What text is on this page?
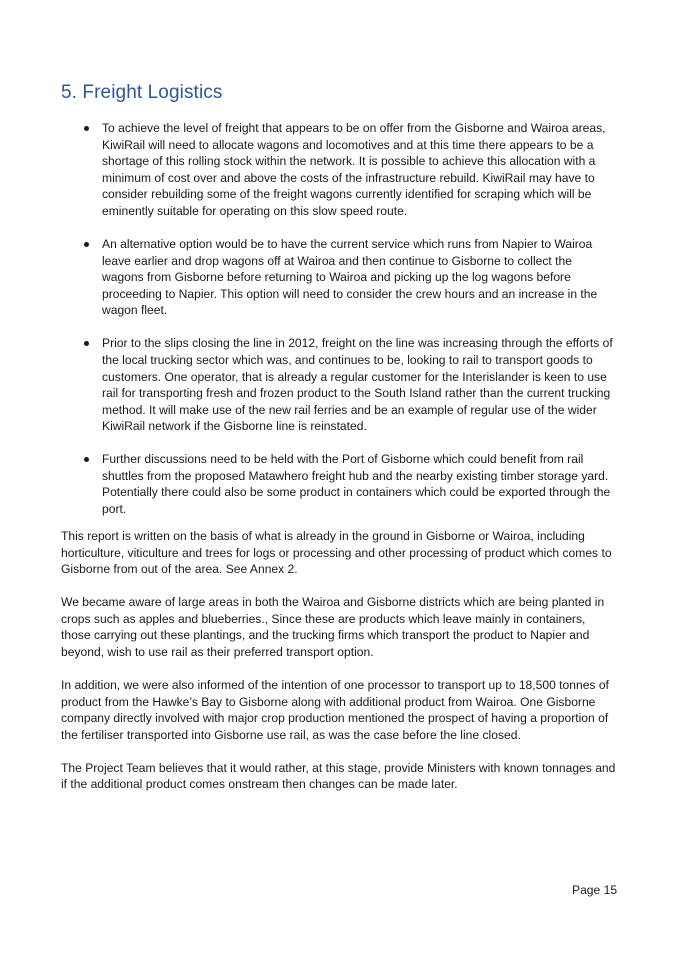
5. Freight Logistics
To achieve the level of freight that appears to be on offer from the Gisborne and Wairoa areas, KiwiRail will need to allocate wagons and locomotives and at this time there appears to be a shortage of this rolling stock within the network. It is possible to achieve this allocation with a minimum of cost over and above the costs of the infrastructure rebuild. KiwiRail may have to consider rebuilding some of the freight wagons currently identified for scraping which will be eminently suitable for operating on this slow speed route.
An alternative option would be to have the current service which runs from Napier to Wairoa leave earlier and drop wagons off at Wairoa and then continue to Gisborne to collect the wagons from Gisborne before returning to Wairoa and picking up the log wagons before proceeding to Napier. This option will need to consider the crew hours and an increase in the wagon fleet.
Prior to the slips closing the line in 2012, freight on the line was increasing through the efforts of the local trucking sector which was, and continues to be, looking to rail to transport goods to customers. One operator, that is already a regular customer for the Interislander is keen to use rail for transporting fresh and frozen product to the South Island rather than the current trucking method. It will make use of the new rail ferries and be an example of regular use of the wider KiwiRail network if the Gisborne line is reinstated.
Further discussions need to be held with the Port of Gisborne which could benefit from rail shuttles from the proposed Matawhero freight hub and the nearby existing timber storage yard. Potentially there could also be some product in containers which could be exported through the port.

This report is written on the basis of what is already in the ground in Gisborne or Wairoa, including horticulture, viticulture and trees for logs or processing and other processing of product which comes to Gisborne from out of the area. See Annex 2.

We became aware of large areas in both the Wairoa and Gisborne districts which are being planted in crops such as apples and blueberries., Since these are products which leave mainly in containers, those carrying out these plantings, and the trucking firms which transport the product to Napier and beyond, wish to use rail as their preferred transport option.

In addition, we were also informed of the intention of one processor to transport up to 18,500 tonnes of product from the Hawke’s Bay to Gisborne along with additional product from Wairoa. One Gisborne company directly involved with major crop production mentioned the prospect of having a proportion of the fertiliser transported into Gisborne use rail, as was the case before the line closed.

The Project Team believes that it would rather, at this stage, provide Ministers with known tonnages and if the additional product comes onstream then changes can be made later.

Page 15
